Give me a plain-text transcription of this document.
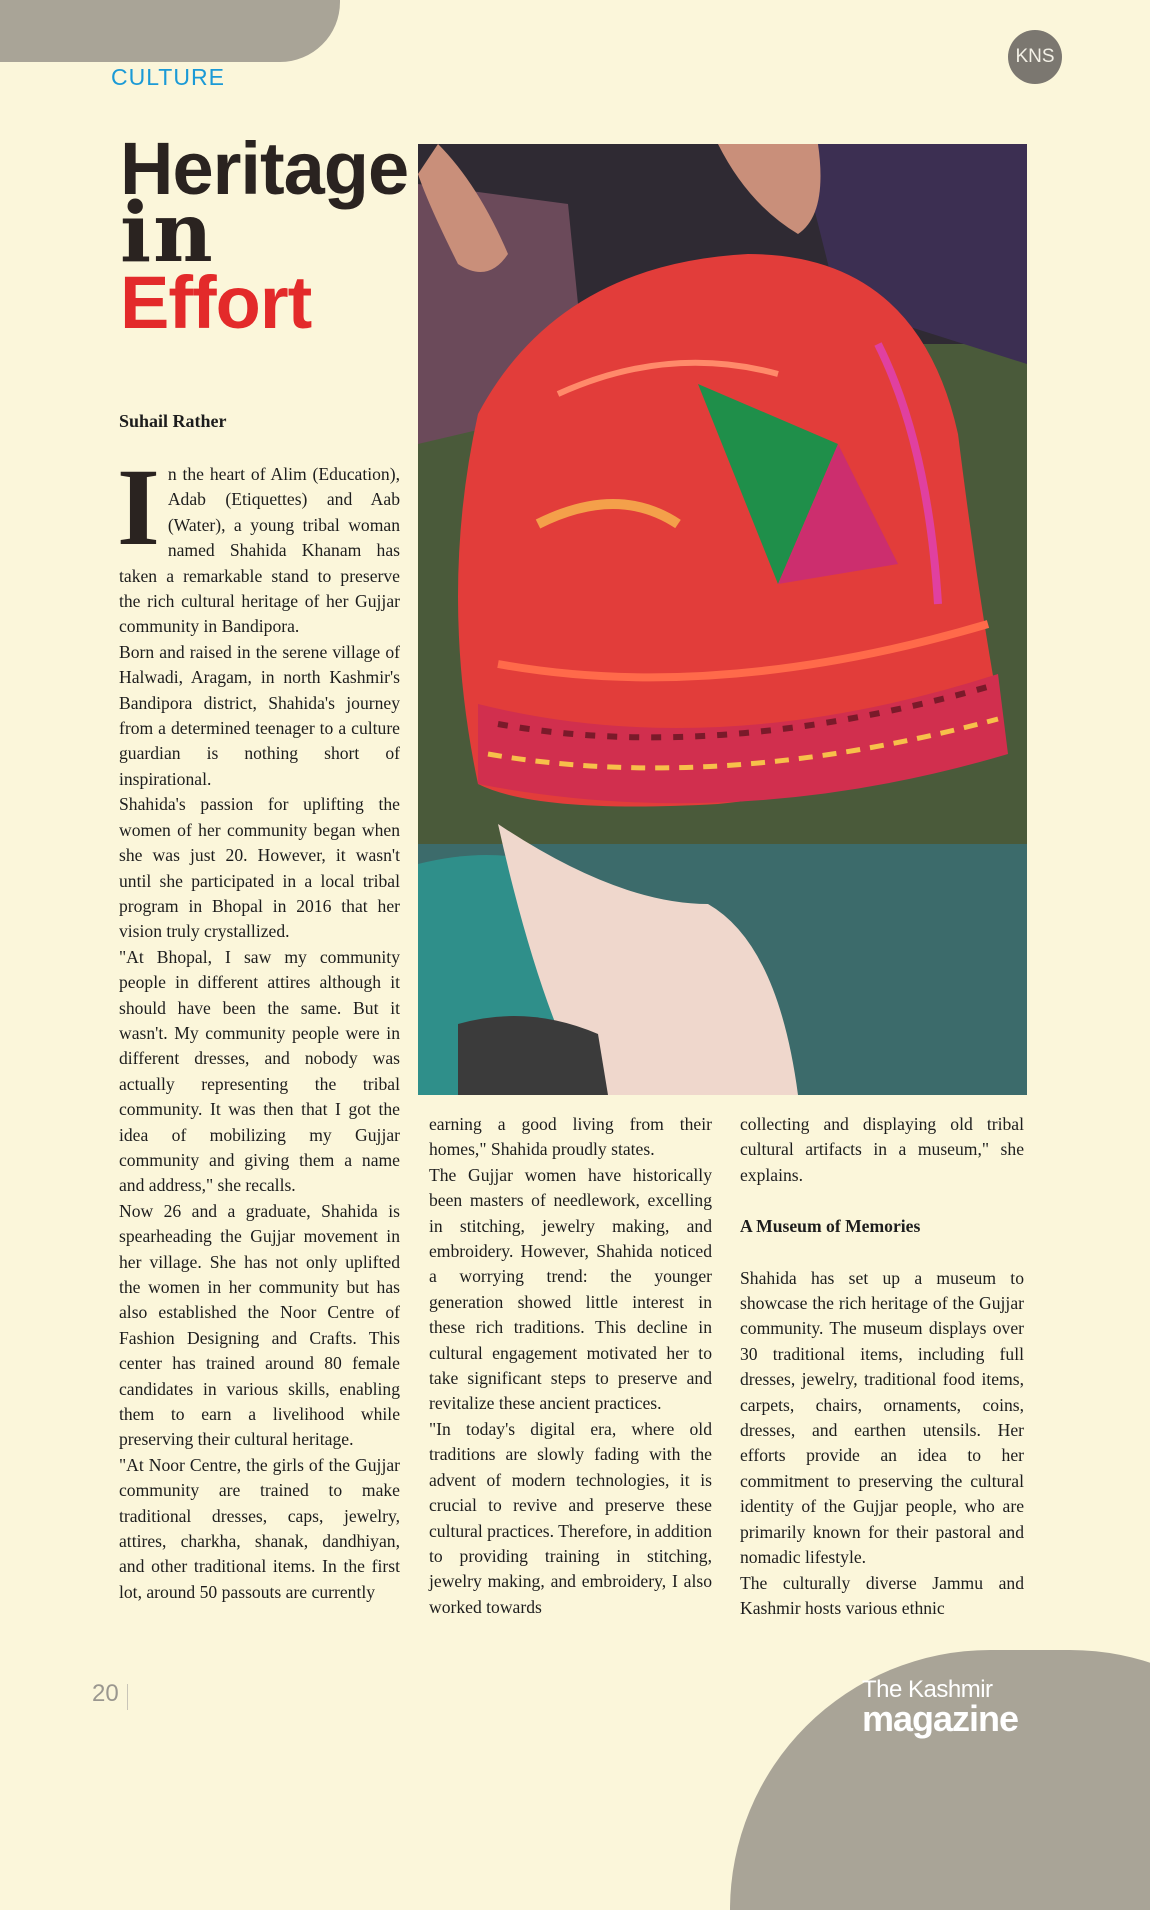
CULTURE
KNS
Heritage
in
Effort
Suhail Rather

In the heart of Alim (Education), Adab (Etiquettes) and Aab (Water), a young tribal woman named Shahida Khanam has taken a remarkable stand to preserve the rich cultural heritage of her Gujjar community in Bandipora.

Born and raised in the serene village of Halwadi, Aragam, in north Kashmir's Bandipora district, Shahida's journey from a determined teenager to a culture guardian is nothing short of inspirational.

Shahida's passion for uplifting the women of her community began when she was just 20. However, it wasn't until she participated in a local tribal program in Bhopal in 2016 that her vision truly crystallized.

"At Bhopal, I saw my community people in different attires although it should have been the same. But it wasn't. My community people were in different dresses, and nobody was actually representing the tribal community. It was then that I got the idea of mobilizing my Gujjar community and giving them a name and address," she recalls.

Now 26 and a graduate, Shahida is spearheading the Gujjar movement in her village. She has not only uplifted the women in her community but has also established the Noor Centre of Fashion Designing and Crafts. This center has trained around 80 female candidates in various skills, enabling them to earn a livelihood while preserving their cultural heritage.

"At Noor Centre, the girls of the Gujjar community are trained to make traditional dresses, caps, jewelry, attires, charkha, shanak, dandhiyan, and other traditional items. In the first lot, around 50 passouts are currently

earning a good living from their homes," Shahida proudly states.

The Gujjar women have historically been masters of needlework, excelling in stitching, jewelry making, and embroidery. However, Shahida noticed a worrying trend: the younger generation showed little interest in these rich traditions. This decline in cultural engagement motivated her to take significant steps to preserve and revitalize these ancient practices.

"In today's digital era, where old traditions are slowly fading with the advent of modern technologies, it is crucial to revive and preserve these cultural practices. Therefore, in addition to providing training in stitching, jewelry making, and embroidery, I also worked towards

collecting and displaying old tribal cultural artifacts in a museum," she explains.

A Museum of Memories

Shahida has set up a museum to showcase the rich heritage of the Gujjar community. The museum displays over 30 traditional items, including full dresses, jewelry, traditional food items, carpets, chairs, ornaments, coins, dresses, and earthen utensils. Her efforts provide an idea to her commitment to preserving the cultural identity of the Gujjar people, who are primarily known for their pastoral and nomadic lifestyle.

The culturally diverse Jammu and Kashmir hosts various ethnic

20	The Kashmir
magazine
